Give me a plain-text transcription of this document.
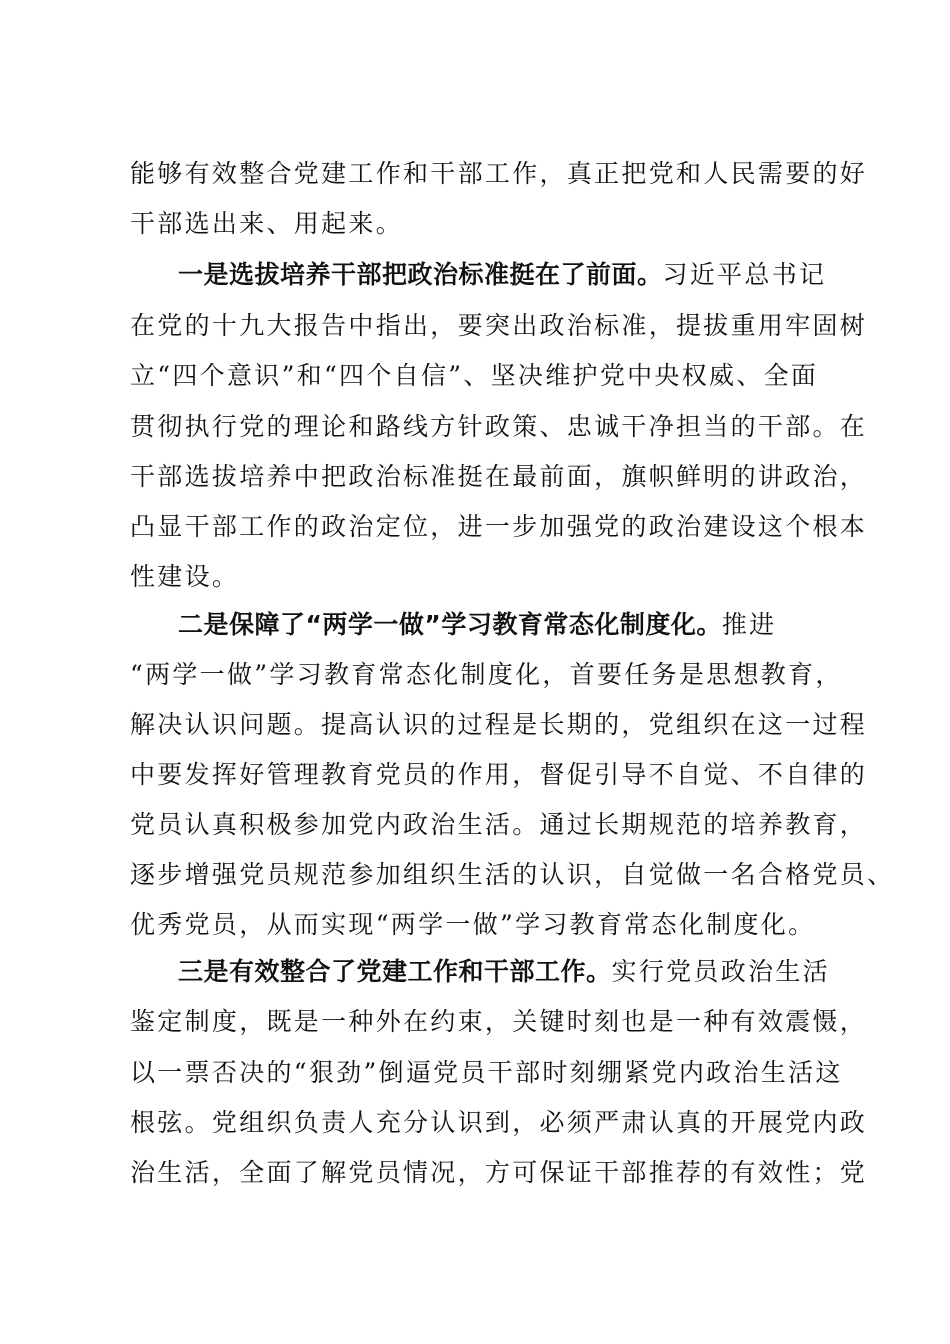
能够有效整合党建工作和干部工作，真正把党和人民需要的好
干部选出来、用起来。
一是选拔培养干部把政治标准挺在了前面。习近平总书记
在党的十九大报告中指出，要突出政治标准，提拔重用牢固树
立“四个意识”和“四个自信”、坚决维护党中央权威、全面
贯彻执行党的理论和路线方针政策、忠诚干净担当的干部。在
干部选拔培养中把政治标准挺在最前面，旗帜鲜明的讲政治，
凸显干部工作的政治定位，进一步加强党的政治建设这个根本
性建设。
二是保障了“两学一做”学习教育常态化制度化。推进
“两学一做”学习教育常态化制度化，首要任务是思想教育，
解决认识问题。提高认识的过程是长期的，党组织在这一过程
中要发挥好管理教育党员的作用，督促引导不自觉、不自律的
党员认真积极参加党内政治生活。通过长期规范的培养教育，
逐步增强党员规范参加组织生活的认识，自觉做一名合格党员、
优秀党员，从而实现“两学一做”学习教育常态化制度化。
三是有效整合了党建工作和干部工作。实行党员政治生活
鉴定制度，既是一种外在约束，关键时刻也是一种有效震慑，
以一票否决的“狠劲”倒逼党员干部时刻绷紧党内政治生活这
根弦。党组织负责人充分认识到，必须严肃认真的开展党内政
治生活，全面了解党员情况，方可保证干部推荐的有效性；党
